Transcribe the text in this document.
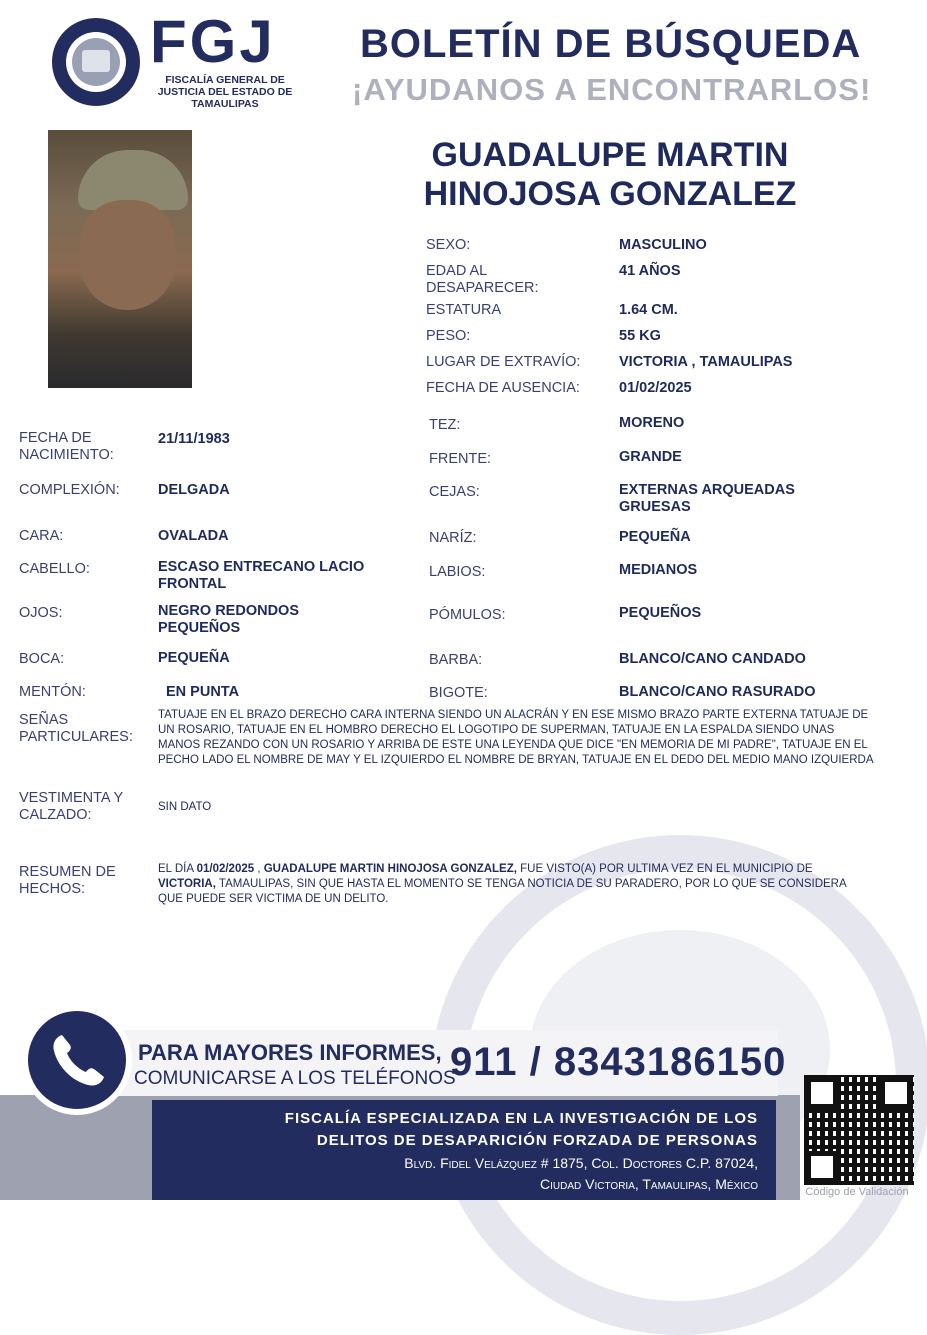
FGJ
FISCALÍA GENERAL DE JUSTICIA DEL ESTADO DE TAMAULIPAS
BOLETÍN DE BÚSQUEDA
¡AYUDANOS A ENCONTRARLOS!
GUADALUPE MARTIN
HINOJOSA GONZALEZ
SEXO:	MASCULINO
EDAD AL DESAPARECER:
41 AÑOS
ESTATURA	1.64 CM.
PESO:	55 KG
LUGAR DE EXTRAVÍO:	VICTORIA , TAMAULIPAS
FECHA DE AUSENCIA:	01/02/2025
TEZ:	MORENO
FRENTE:	GRANDE
CEJAS:	EXTERNAS ARQUEADAS GRUESAS
NARÍZ:	PEQUEÑA
LABIOS:	MEDIANOS
PÓMULOS:	PEQUEÑOS
BARBA:	BLANCO/CANO CANDADO
BIGOTE:	BLANCO/CANO RASURADO
FECHA DE NACIMIENTO:
21/11/1983
COMPLEXIÓN:	DELGADA
CARA:	OVALADA
CABELLO:	ESCASO ENTRECANO LACIO FRONTAL
OJOS:	NEGRO REDONDOS PEQUEÑOS
BOCA:	PEQUEÑA
MENTÓN:	EN PUNTA
SEÑAS PARTICULARES:
TATUAJE EN EL BRAZO DERECHO CARA INTERNA SIENDO UN ALACRÁN Y EN ESE MISMO BRAZO PARTE EXTERNA TATUAJE DE UN ROSARIO, TATUAJE EN EL HOMBRO DERECHO EL LOGOTIPO DE SUPERMAN, TATUAJE EN LA ESPALDA SIENDO UNAS MANOS REZANDO CON UN ROSARIO Y ARRIBA DE ESTE UNA LEYENDA QUE DICE "EN MEMORIA DE MI PADRE", TATUAJE EN EL PECHO LADO EL NOMBRE DE MAY Y EL IZQUIERDO EL NOMBRE DE BRYAN, TATUAJE EN EL DEDO DEL MEDIO MANO IZQUIERDA
VESTIMENTA Y CALZADO:
SIN DATO
RESUMEN DE HECHOS:
EL DÍA 01/02/2025 , GUADALUPE MARTIN HINOJOSA GONZALEZ, FUE VISTO(A) POR ULTIMA VEZ EN EL MUNICIPIO DE VICTORIA, TAMAULIPAS, SIN QUE HASTA EL MOMENTO SE TENGA NOTICIA DE SU PARADERO, POR LO QUE SE CONSIDERA QUE PUEDE SER VICTIMA DE UN DELITO.
PARA MAYORES INFORMES,
COMUNICARSE A LOS TELÉFONOS
911 / 8343186150
FISCALÍA ESPECIALIZADA EN LA INVESTIGACIÓN DE LOS
DELITOS DE DESAPARICIÓN FORZADA DE PERSONAS
Blvd. Fidel Velázquez # 1875, Col. Doctores C.P. 87024,
Ciudad Victoria, Tamaulipas, México	Código de Validación
